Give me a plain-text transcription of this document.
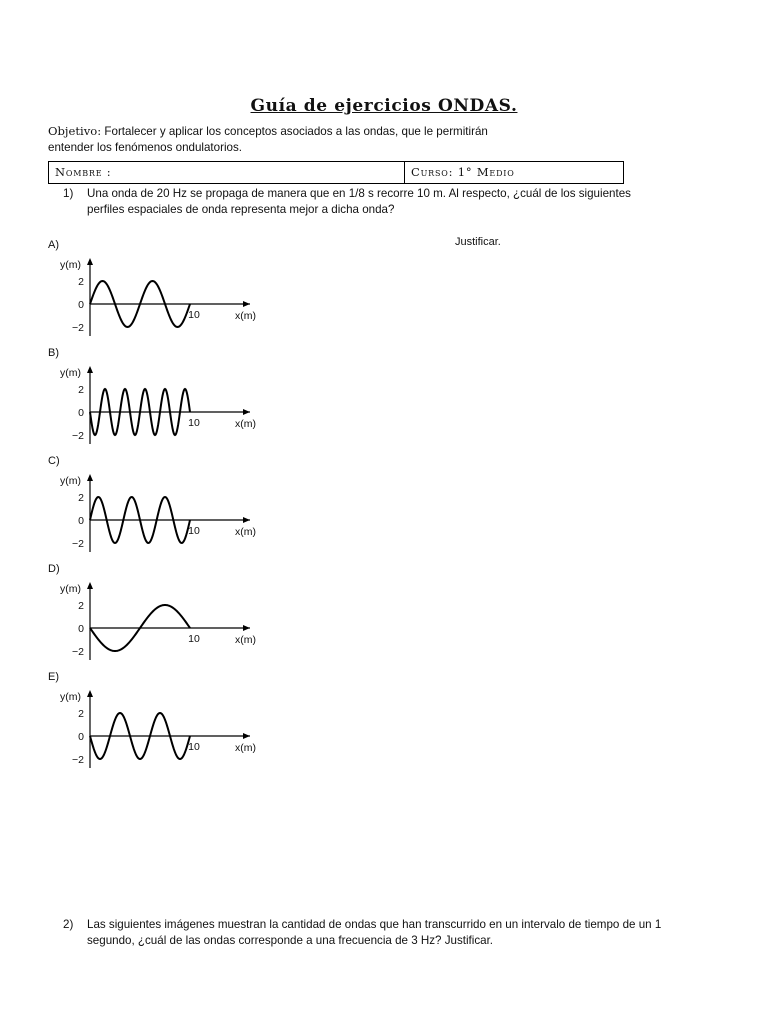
Guía de ejercicios ONDAS.
Objetivo: Fortalecer y aplicar los conceptos asociados a las ondas, que le permitirán
entender los fenómenos ondulatorios.
Nombre :	Curso: 1° Medio
1)	Una onda de 20 Hz se propaga de manera que en 1/8 s recorre 10 m. Al respecto, ¿cuál de los siguientes
perfiles espaciales de onda representa mejor a dicha onda?
Justificar.
A)
y(m)
2
0
−2
10	x(m)
B)
y(m)
2
0
−2
10	x(m)
C)
y(m)
2
0
−2
10	x(m)
D)
y(m)
2
0
−2
10	x(m)
E)
y(m)
2
0
−2
10	x(m)
2)	Las siguientes imágenes muestran la cantidad de ondas que han transcurrido en un intervalo de tiempo de un 1
segundo, ¿cuál de las ondas corresponde a una frecuencia de 3 Hz? Justificar.
